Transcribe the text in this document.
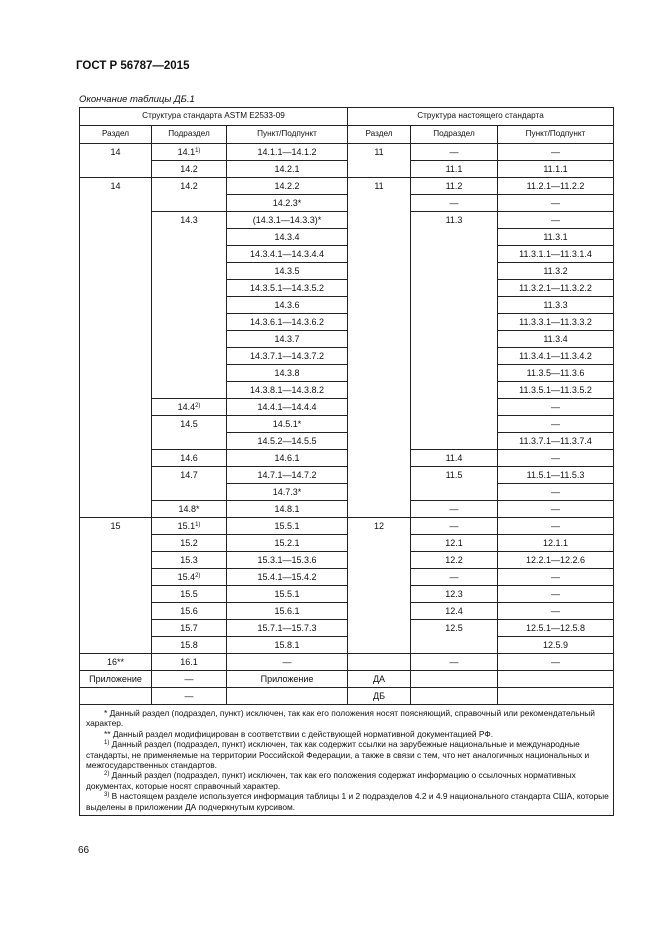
ГОСТ Р 56787—2015
Окончание таблицы ДБ.1
Структура стандарта ASTM E2533-09			Структура настоящего стандарта		
Раздел	Подраздел	Пункт/Подпункт	Раздел	Подраздел	Пункт/Подпункт
14	14.1$^{1)}$	14.1.1—14.1.2	11	—	—
	14.2	14.2.1		11.1	11.1.1
14	14.2	14.2.2	11	11.2	11.2.1—11.2.2
		14.2.3*		—	—
	14.3	(14.3.1—14.3.3)*		11.3	—
		14.3.4			11.3.1
		14.3.4.1—14.3.4.4			11.3.1.1—11.3.1.4
		14.3.5			11.3.2
		14.3.5.1—14.3.5.2			11.3.2.1—11.3.2.2
		14.3.6			11.3.3
		14.3.6.1—14.3.6.2			11.3.3.1—11.3.3.2
		14.3.7			11.3.4
		14.3.7.1—14.3.7.2			11.3.4.1—11.3.4.2
		14.3.8			11.3.5—11.3.6
		14.3.8.1—14.3.8.2			11.3.5.1—11.3.5.2
	14.4$^{2)}$	14.4.1—14.4.4			—
	14.5	14.5.1*			—
		14.5.2—14.5.5			11.3.7.1—11.3.7.4
	14.6	14.6.1		11.4	—
	14.7	14.7.1—14.7.2		11.5	11.5.1—11.5.3
		14.7.3*			—
	14.8*	14.8.1		—	—
15	15.1$^{1)}$	15.5.1	12	—	—
	15.2	15.2.1		12.1	12.1.1
	15.3	15.3.1—15.3.6		12.2	12.2.1—12.2.6
	15.4$^{2)}$	15.4.1—15.4.2		—	—
	15.5	15.5.1		12.3	—
	15.6	15.6.1		12.4	—
	15.7	15.7.1—15.7.3		12.5	12.5.1—12.5.8
	15.8	15.8.1			12.5.9
16**	16.1	—		—	—
Приложение	—	Приложение	ДА		
	—		ДБ		

* Данный раздел (подраздел, пункт) исключен, так как его положения носят поясняющий, справочный или рекомендательный характер.

** Данный раздел модифицирован в соответствии с действующей нормативной документацией РФ.

$^{1)}$ Данный раздел (подраздел, пункт) исключен, так как содержит ссылки на зарубежные национальные и международные стандарты, не применяемые на территории Российской Федерации, а также в связи с тем, что нет аналогичных национальных и межгосударственных стандартов.

$^{2)}$ Данный раздел (подраздел, пункт) исключен, так как его положения содержат информацию о ссылочных нормативных документах, которые носят справочный характер.

$^{3)}$ В настоящем разделе используется информация таблицы 1 и 2 подразделов 4.2 и 4.9 национального стандарта США, которые выделены в приложении ДА подчеркнутым курсивом.					

66
